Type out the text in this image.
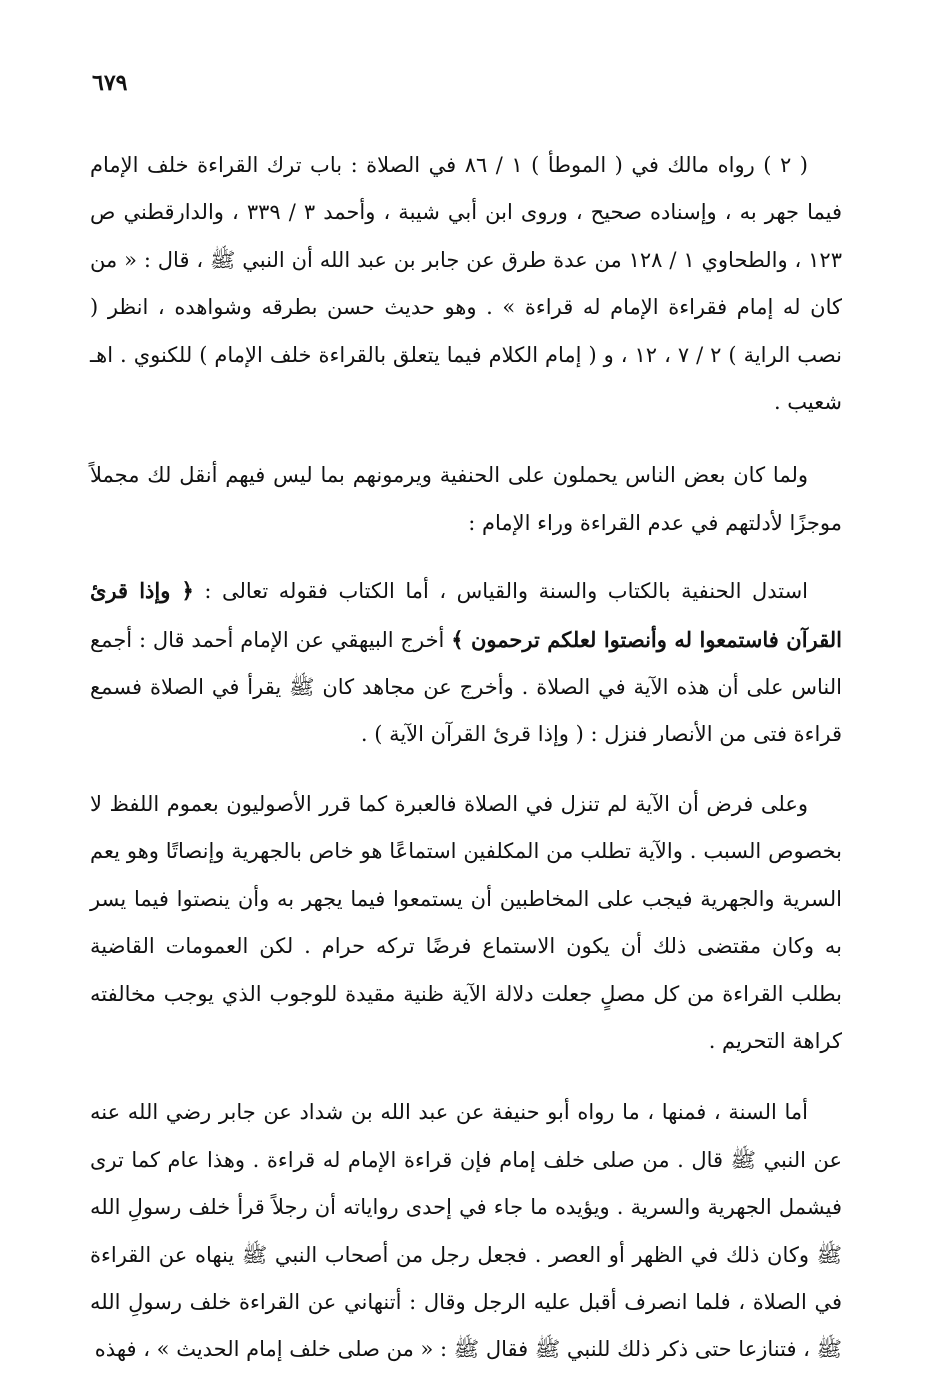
٦٧٩

( ٢ ) رواه مالك في ( الموطأ ) ١ / ٨٦ في الصلاة : باب ترك القراءة خلف الإمام فيما جهر به ، وإسناده صحيح ، وروى ابن أبي شيبة ، وأحمد ٣ / ٣٣٩ ، والدارقطني ص ١٢٣ ، والطحاوي ١ / ١٢٨ من عدة طرق عن جابر بن عبد الله أن النبي ﷺ ، قال : « من كان له إمام فقراءة الإمام له قراءة » . وهو حديث حسن بطرقه وشواهده ، انظر ( نصب الراية ) ٢ / ٧ ، ١٢ ، و ( إمام الكلام فيما يتعلق بالقراءة خلف الإمام ) للكنوي . اهـ شعيب .

ولما كان بعض الناس يحملون على الحنفية ويرمونهم بما ليس فيهم أنقل لك مجملاً موجزًا لأدلتهم في عدم القراءة وراء الإمام :

استدل الحنفية بالكتاب والسنة والقياس ، أما الكتاب فقوله تعالى : ﴿ وإذا قرئ القرآن فاستمعوا له وأنصتوا لعلكم ترحمون ﴾ أخرج البيهقي عن الإمام أحمد قال : أجمع الناس على أن هذه الآية في الصلاة . وأخرج عن مجاهد كان ﷺ يقرأ في الصلاة فسمع قراءة فتى من الأنصار فنزل : ( وإذا قرئ القرآن الآية ) .

وعلى فرض أن الآية لم تنزل في الصلاة فالعبرة كما قرر الأصوليون بعموم اللفظ لا بخصوص السبب . والآية تطلب من المكلفين استماعًا هو خاص بالجهرية وإنصاتًا وهو يعم السرية والجهرية فيجب على المخاطبين أن يستمعوا فيما يجهر به وأن ينصتوا فيما يسر به وكان مقتضى ذلك أن يكون الاستماع فرضًا تركه حرام . لكن العمومات القاضية بطلب القراءة من كل مصلٍ جعلت دلالة الآية ظنية مقيدة للوجوب الذي يوجب مخالفته كراهة التحريم .

أما السنة ، فمنها ، ما رواه أبو حنيفة عن عبد الله بن شداد عن جابر رضي الله عنه عن النبي ﷺ قال . من صلى خلف إمام فإن قراءة الإمام له قراءة . وهذا عام كما ترى فيشمل الجهرية والسرية . ويؤيده ما جاء في إحدى رواياته أن رجلاً قرأ خلف رسولِ الله ﷺ وكان ذلك في الظهر أو العصر . فجعل رجل من أصحاب النبي ﷺ ينهاه عن القراءة في الصلاة ، فلما انصرف أقبل عليه الرجل وقال : أتنهاني عن القراءة خلف رسولِ الله ﷺ ، فتنازعا حتى ذكر ذلك للنبي ﷺ فقال ﷺ : « من صلى خلف إمام الحديث » ، فهذه
